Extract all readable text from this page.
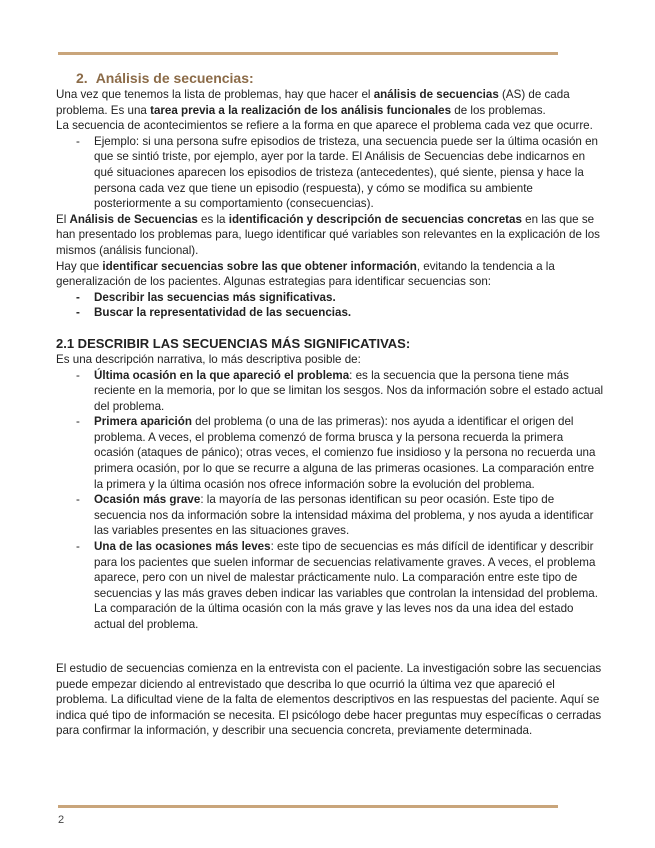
2. Análisis de secuencias:

Una vez que tenemos la lista de problemas, hay que hacer el análisis de secuencias (AS) de cada problema. Es una tarea previa a la realización de los análisis funcionales de los problemas.

La secuencia de acontecimientos se refiere a la forma en que aparece el problema cada vez que ocurre.

- Ejemplo: si una persona sufre episodios de tristeza, una secuencia puede ser la última ocasión en que se sintió triste, por ejemplo, ayer por la tarde. El Análisis de Secuencias debe indicarnos en qué situaciones aparecen los episodios de tristeza (antecedentes), qué siente, piensa y hace la persona cada vez que tiene un episodio (respuesta), y cómo se modifica su ambiente posteriormente a su comportamiento (consecuencias).

El Análisis de Secuencias es la identificación y descripción de secuencias concretas en las que se han presentado los problemas para, luego identificar qué variables son relevantes en la explicación de los mismos (análisis funcional).

Hay que identificar secuencias sobre las que obtener información, evitando la tendencia a la generalización de los pacientes. Algunas estrategias para identificar secuencias son:

- Describir las secuencias más significativas.
- Buscar la representatividad de las secuencias.
2.1 DESCRIBIR LAS SECUENCIAS MÁS SIGNIFICATIVAS:

Es una descripción narrativa, lo más descriptiva posible de:

- Última ocasión en la que apareció el problema: es la secuencia que la persona tiene más reciente en la memoria, por lo que se limitan los sesgos. Nos da información sobre el estado actual del problema.
- Primera aparición del problema (o una de las primeras): nos ayuda a identificar el origen del problema. A veces, el problema comenzó de forma brusca y la persona recuerda la primera ocasión (ataques de pánico); otras veces, el comienzo fue insidioso y la persona no recuerda una primera ocasión, por lo que se recurre a alguna de las primeras ocasiones. La comparación entre la primera y la última ocasión nos ofrece información sobre la evolución del problema.
- Ocasión más grave: la mayoría de las personas identifican su peor ocasión. Este tipo de secuencia nos da información sobre la intensidad máxima del problema, y nos ayuda a identificar las variables presentes en las situaciones graves.
- Una de las ocasiones más leves: este tipo de secuencias es más difícil de identificar y describir para los pacientes que suelen informar de secuencias relativamente graves. A veces, el problema aparece, pero con un nivel de malestar prácticamente nulo. La comparación entre este tipo de secuencias y las más graves deben indicar las variables que controlan la intensidad del problema. La comparación de la última ocasión con la más grave y las leves nos da una idea del estado actual del problema.

El estudio de secuencias comienza en la entrevista con el paciente. La investigación sobre las secuencias puede empezar diciendo al entrevistado que describa lo que ocurrió la última vez que apareció el problema. La dificultad viene de la falta de elementos descriptivos en las respuestas del paciente. Aquí se indica qué tipo de información se necesita. El psicólogo debe hacer preguntas muy específicas o cerradas para confirmar la información, y describir una secuencia concreta, previamente determinada.

2
